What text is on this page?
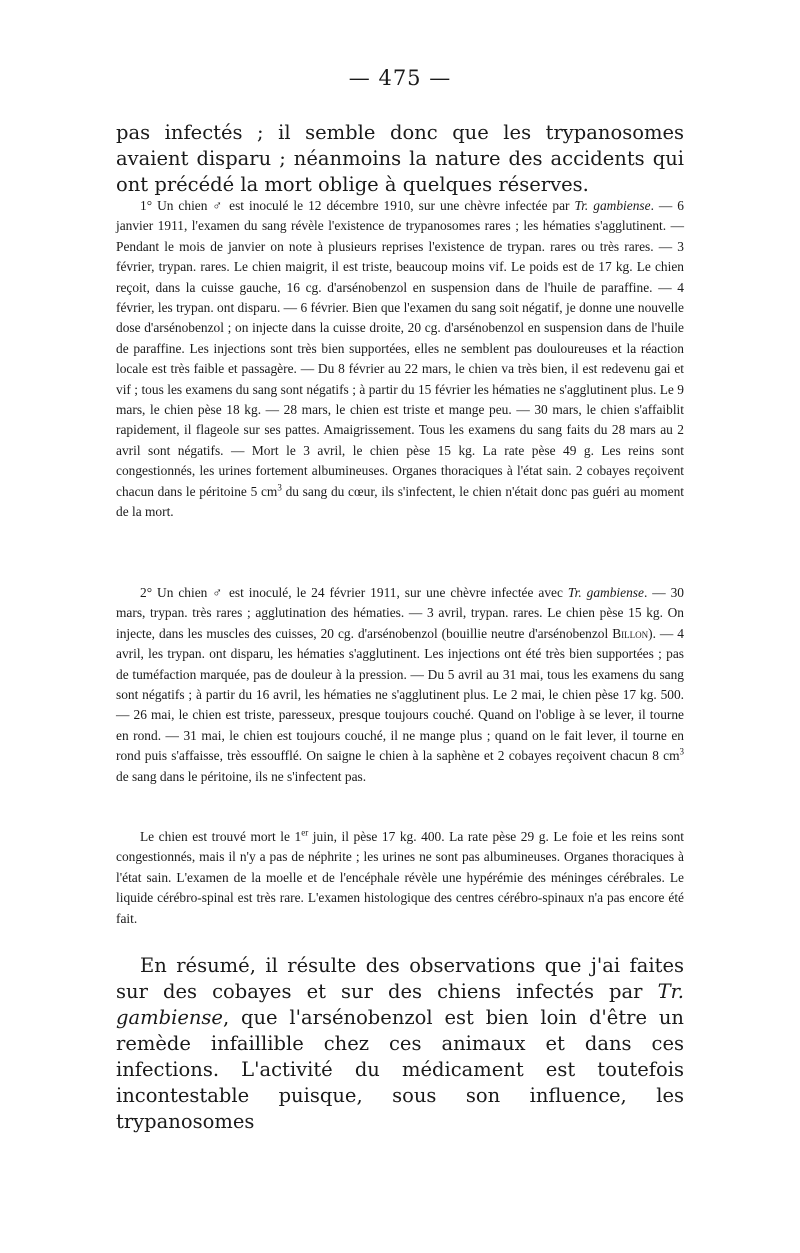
— 475 —

pas infectés ; il semble donc que les trypanosomes avaient disparu ; néanmoins la nature des accidents qui ont précédé la mort oblige à quelques réserves.

1° Un chien ♂ est inoculé le 12 décembre 1910, sur une chèvre infectée par Tr. gambiense. — 6 janvier 1911, l'examen du sang révèle l'existence de trypanosomes rares ; les hématies s'agglutinent. — Pendant le mois de janvier on note à plusieurs reprises l'existence de trypan. rares ou très rares. — 3 février, trypan. rares. Le chien maigrit, il est triste, beaucoup moins vif. Le poids est de 17 kg. Le chien reçoit, dans la cuisse gauche, 16 cg. d'arsénobenzol en suspension dans de l'huile de paraffine. — 4 février, les trypan. ont disparu. — 6 février. Bien que l'examen du sang soit négatif, je donne une nouvelle dose d'arsénobenzol ; on injecte dans la cuisse droite, 20 cg. d'arsénobenzol en suspension dans de l'huile de paraffine. Les injections sont très bien supportées, elles ne semblent pas douloureuses et la réaction locale est très faible et passagère. — Du 8 février au 22 mars, le chien va très bien, il est redevenu gai et vif ; tous les examens du sang sont négatifs ; à partir du 15 février les hématies ne s'agglutinent plus. Le 9 mars, le chien pèse 18 kg. — 28 mars, le chien est triste et mange peu. — 30 mars, le chien s'affaiblit rapidement, il flageole sur ses pattes. Amaigrissement. Tous les examens du sang faits du 28 mars au 2 avril sont négatifs. — Mort le 3 avril, le chien pèse 15 kg. La rate pèse 49 g. Les reins sont congestionnés, les urines fortement albumineuses. Organes thoraciques à l'état sain. 2 cobayes reçoivent chacun dans le péritoine 5 $cm^3$ du sang du cœur, ils s'infectent, le chien n'était donc pas guéri au moment de la mort.

2° Un chien ♂ est inoculé, le 24 février 1911, sur une chèvre infectée avec Tr. gambiense. — 30 mars, trypan. très rares ; agglutination des hématies. — 3 avril, trypan. rares. Le chien pèse 15 kg. On injecte, dans les muscles des cuisses, 20 cg. d'arsénobenzol (bouillie neutre d'arsénobenzol Billon). — 4 avril, les trypan. ont disparu, les hématies s'agglutinent. Les injections ont été très bien supportées ; pas de tuméfaction marquée, pas de douleur à la pression. — Du 5 avril au 31 mai, tous les examens du sang sont négatifs ; à partir du 16 avril, les hématies ne s'agglutinent plus. Le 2 mai, le chien pèse 17 kg. 500. — 26 mai, le chien est triste, paresseux, presque toujours couché. Quand on l'oblige à se lever, il tourne en rond. — 31 mai, le chien est toujours couché, il ne mange plus ; quand on le fait lever, il tourne en rond puis s'affaisse, très essoufflé. On saigne le chien à la saphène et 2 cobayes reçoivent chacun 8 $cm^3$ de sang dans le péritoine, ils ne s'infectent pas.

Le chien est trouvé mort le 1er juin, il pèse 17 kg. 400. La rate pèse 29 g. Le foie et les reins sont congestionnés, mais il n'y a pas de néphrite ; les urines ne sont pas albumineuses. Organes thoraciques à l'état sain. L'examen de la moelle et de l'encéphale révèle une hypérémie des méninges cérébrales. Le liquide cérébro-spinal est très rare. L'examen histologique des centres cérébro-spinaux n'a pas encore été fait.

En résumé, il résulte des observations que j'ai faites sur des cobayes et sur des chiens infectés par Tr. gambiense, que l'arsénobenzol est bien loin d'être un remède infaillible chez ces animaux et dans ces infections. L'activité du médicament est toutefois incontestable puisque, sous son influence, les trypanosomes
